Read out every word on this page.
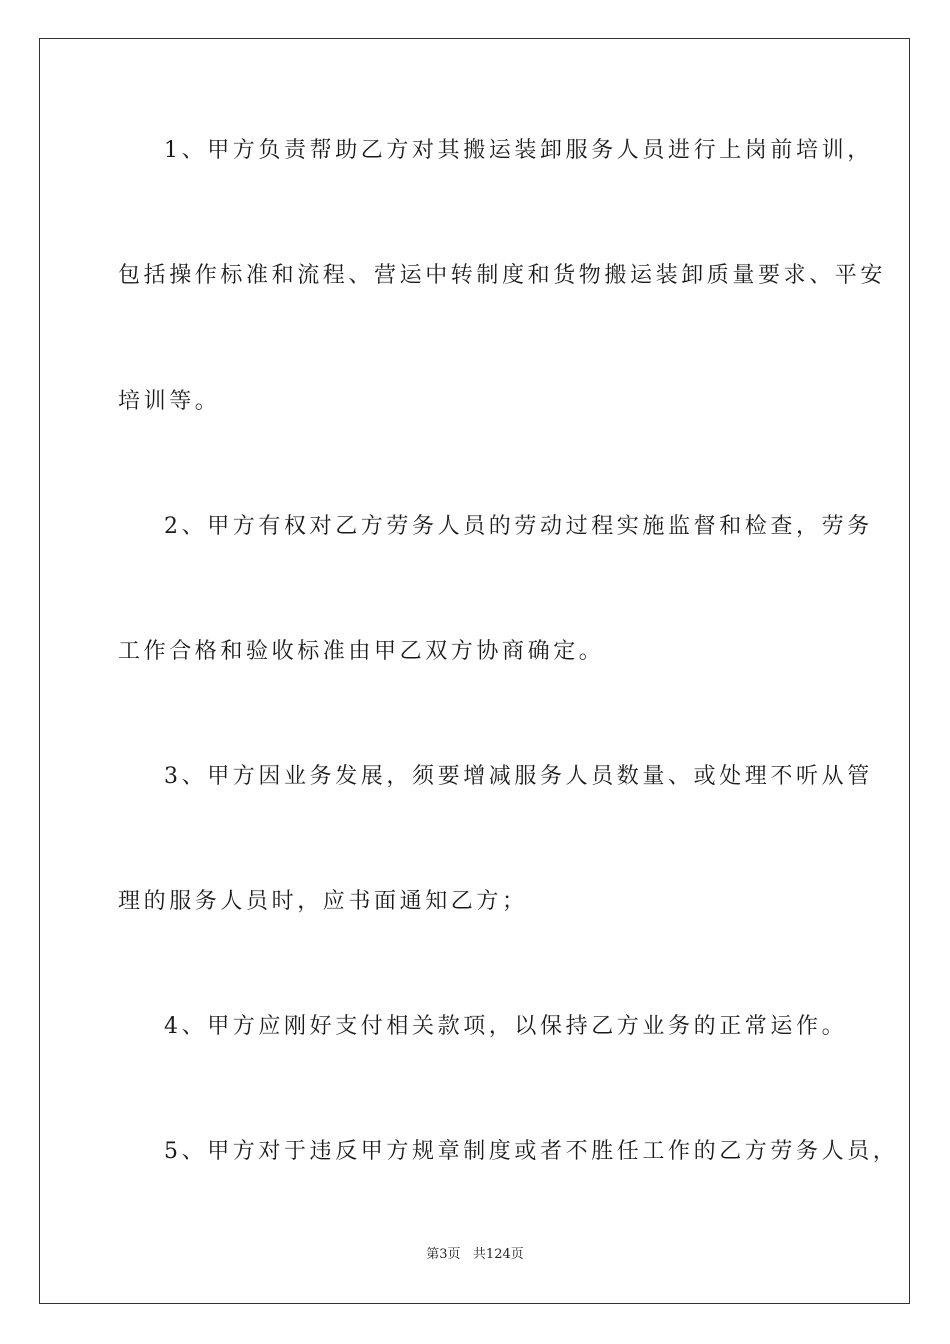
1、甲方负责帮助乙方对其搬运装卸服务人员进行上岗前培训，
包括操作标准和流程、营运中转制度和货物搬运装卸质量要求、平安
培训等。
2、甲方有权对乙方劳务人员的劳动过程实施监督和检查，劳务
工作合格和验收标准由甲乙双方协商确定。
3、甲方因业务发展，须要增减服务人员数量、或处理不听从管
理的服务人员时，应书面通知乙方；
4、甲方应刚好支付相关款项，以保持乙方业务的正常运作。
5、甲方对于违反甲方规章制度或者不胜任工作的乙方劳务人员，
第3页 共124页
